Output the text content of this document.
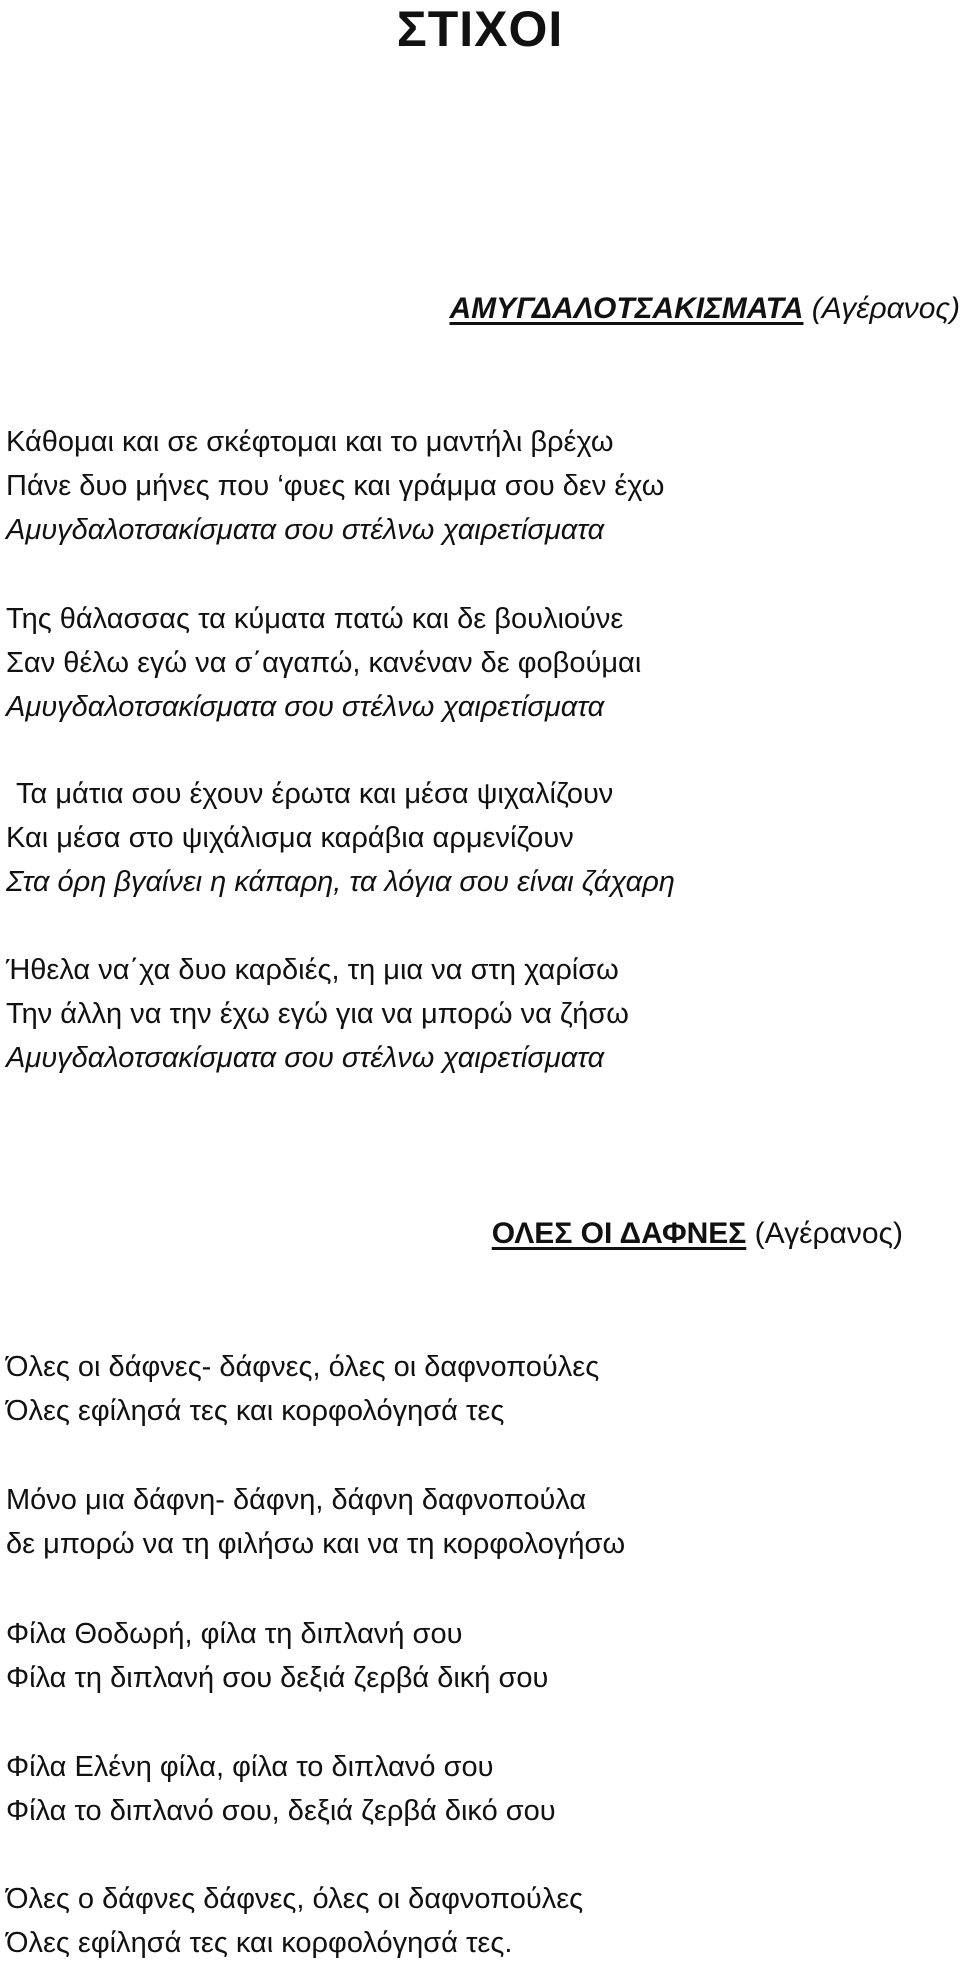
ΣΤΙΧΟΙ
ΑΜΥΓΔΑΛΟΤΣΑΚΙΣΜΑΤΑ (Αγέρανος)
Κάθομαι και σε σκέφτομαι και το μαντήλι βρέχω
Πάνε δυο μήνες που ‘φυες και γράμμα σου δεν έχω
Αμυγδαλοτσακίσματα σου στέλνω χαιρετίσματα
Της θάλασσας τα κύματα πατώ και δε βουλιούνε
Σαν θέλω εγώ να σ΄αγαπώ, κανέναν δε φοβούμαι
Αμυγδαλοτσακίσματα σου στέλνω χαιρετίσματα
Τα μάτια σου έχουν έρωτα και μέσα ψιχαλίζουν
Και μέσα στο ψιχάλισμα καράβια αρμενίζουν
Στα όρη βγαίνει η κάπαρη, τα λόγια σου είναι ζάχαρη
Ήθελα να΄χα δυο καρδιές, τη μια να στη χαρίσω
Την άλλη να την έχω εγώ για να μπορώ να ζήσω
Αμυγδαλοτσακίσματα σου στέλνω χαιρετίσματα
ΟΛΕΣ ΟΙ ΔΑΦΝΕΣ (Αγέρανος)
Όλες οι δάφνες- δάφνες, όλες οι δαφνοπούλες
Όλες εφίλησά τες και κορφολόγησά τες
Μόνο μια δάφνη- δάφνη, δάφνη δαφνοπούλα
δε μπορώ να τη φιλήσω και να τη κορφολογήσω
Φίλα Θοδωρή, φίλα τη διπλανή σου
Φίλα τη διπλανή σου δεξιά ζερβά δική σου
Φίλα Ελένη φίλα, φίλα το διπλανό σου
Φίλα το διπλανό σου, δεξιά ζερβά δικό σου
Όλες ο δάφνες δάφνες, όλες οι δαφνοπούλες
Όλες εφίλησά τες και κορφολόγησά τες.
